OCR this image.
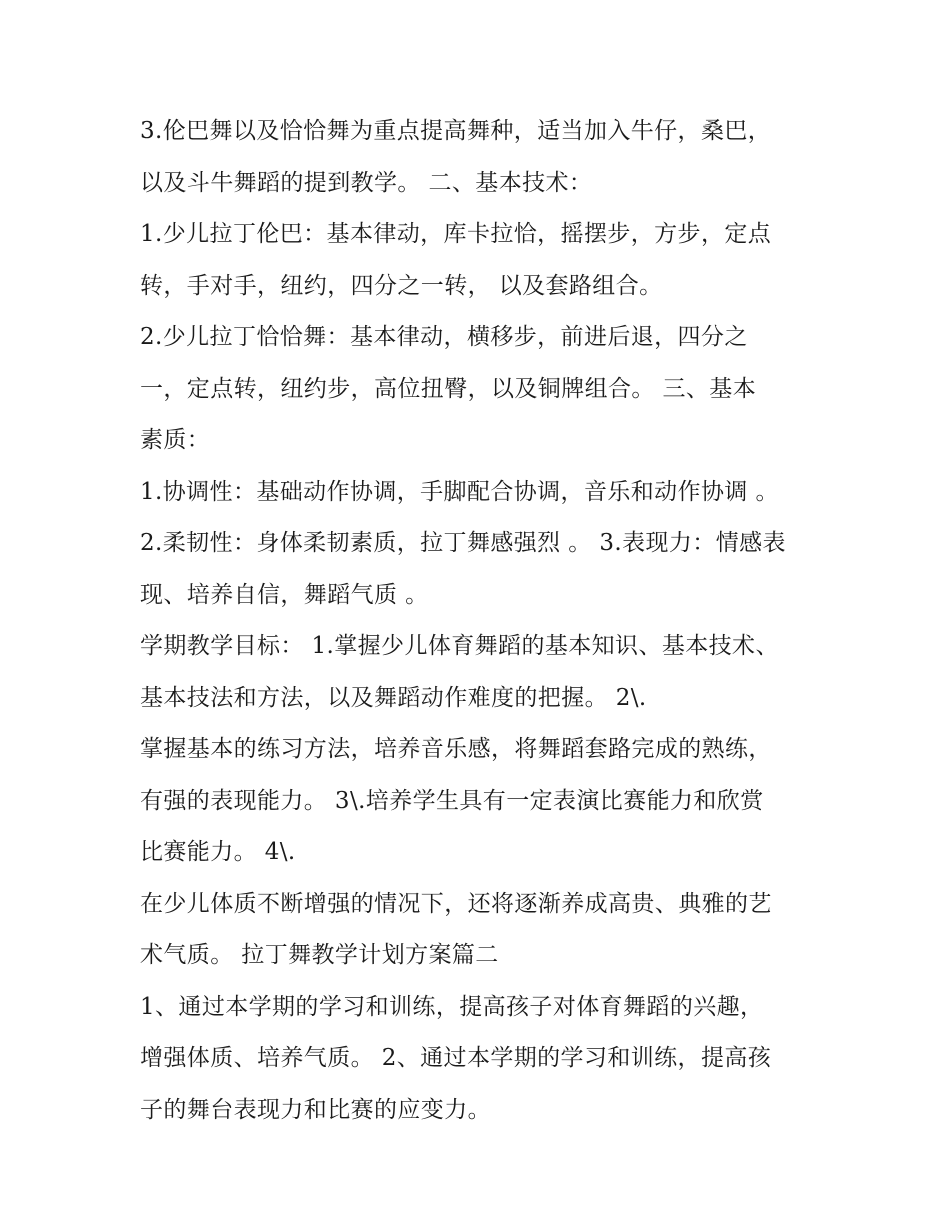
3.伦巴舞以及恰恰舞为重点提高舞种，适当加入牛仔，桑巴，
以及斗牛舞蹈的提到教学。 二、基本技术：
1.少儿拉丁伦巴：基本律动，库卡拉恰，摇摆步，方步，定点
转，手对手，纽约，四分之一转， 以及套路组合。
2.少儿拉丁恰恰舞：基本律动，横移步，前进后退，四分之
一，定点转，纽约步，高位扭臀，以及铜牌组合。 三、基本
素质：
1.协调性：基础动作协调，手脚配合协调，音乐和动作协调 。
2.柔韧性：身体柔韧素质，拉丁舞感强烈 。 3.表现力：情感表
现、培养自信，舞蹈气质 。
学期教学目标： 1.掌握少儿体育舞蹈的基本知识、基本技术、
基本技法和方法，以及舞蹈动作难度的把握。 2\.
掌握基本的练习方法，培养音乐感，将舞蹈套路完成的熟练，
有强的表现能力。 3\.培养学生具有一定表演比赛能力和欣赏
比赛能力。 4\.
在少儿体质不断增强的情况下，还将逐渐养成高贵、典雅的艺
术气质。 拉丁舞教学计划方案篇二
1、通过本学期的学习和训练，提高孩子对体育舞蹈的兴趣，
增强体质、培养气质。 2、通过本学期的学习和训练，提高孩
子的舞台表现力和比赛的应变力。
